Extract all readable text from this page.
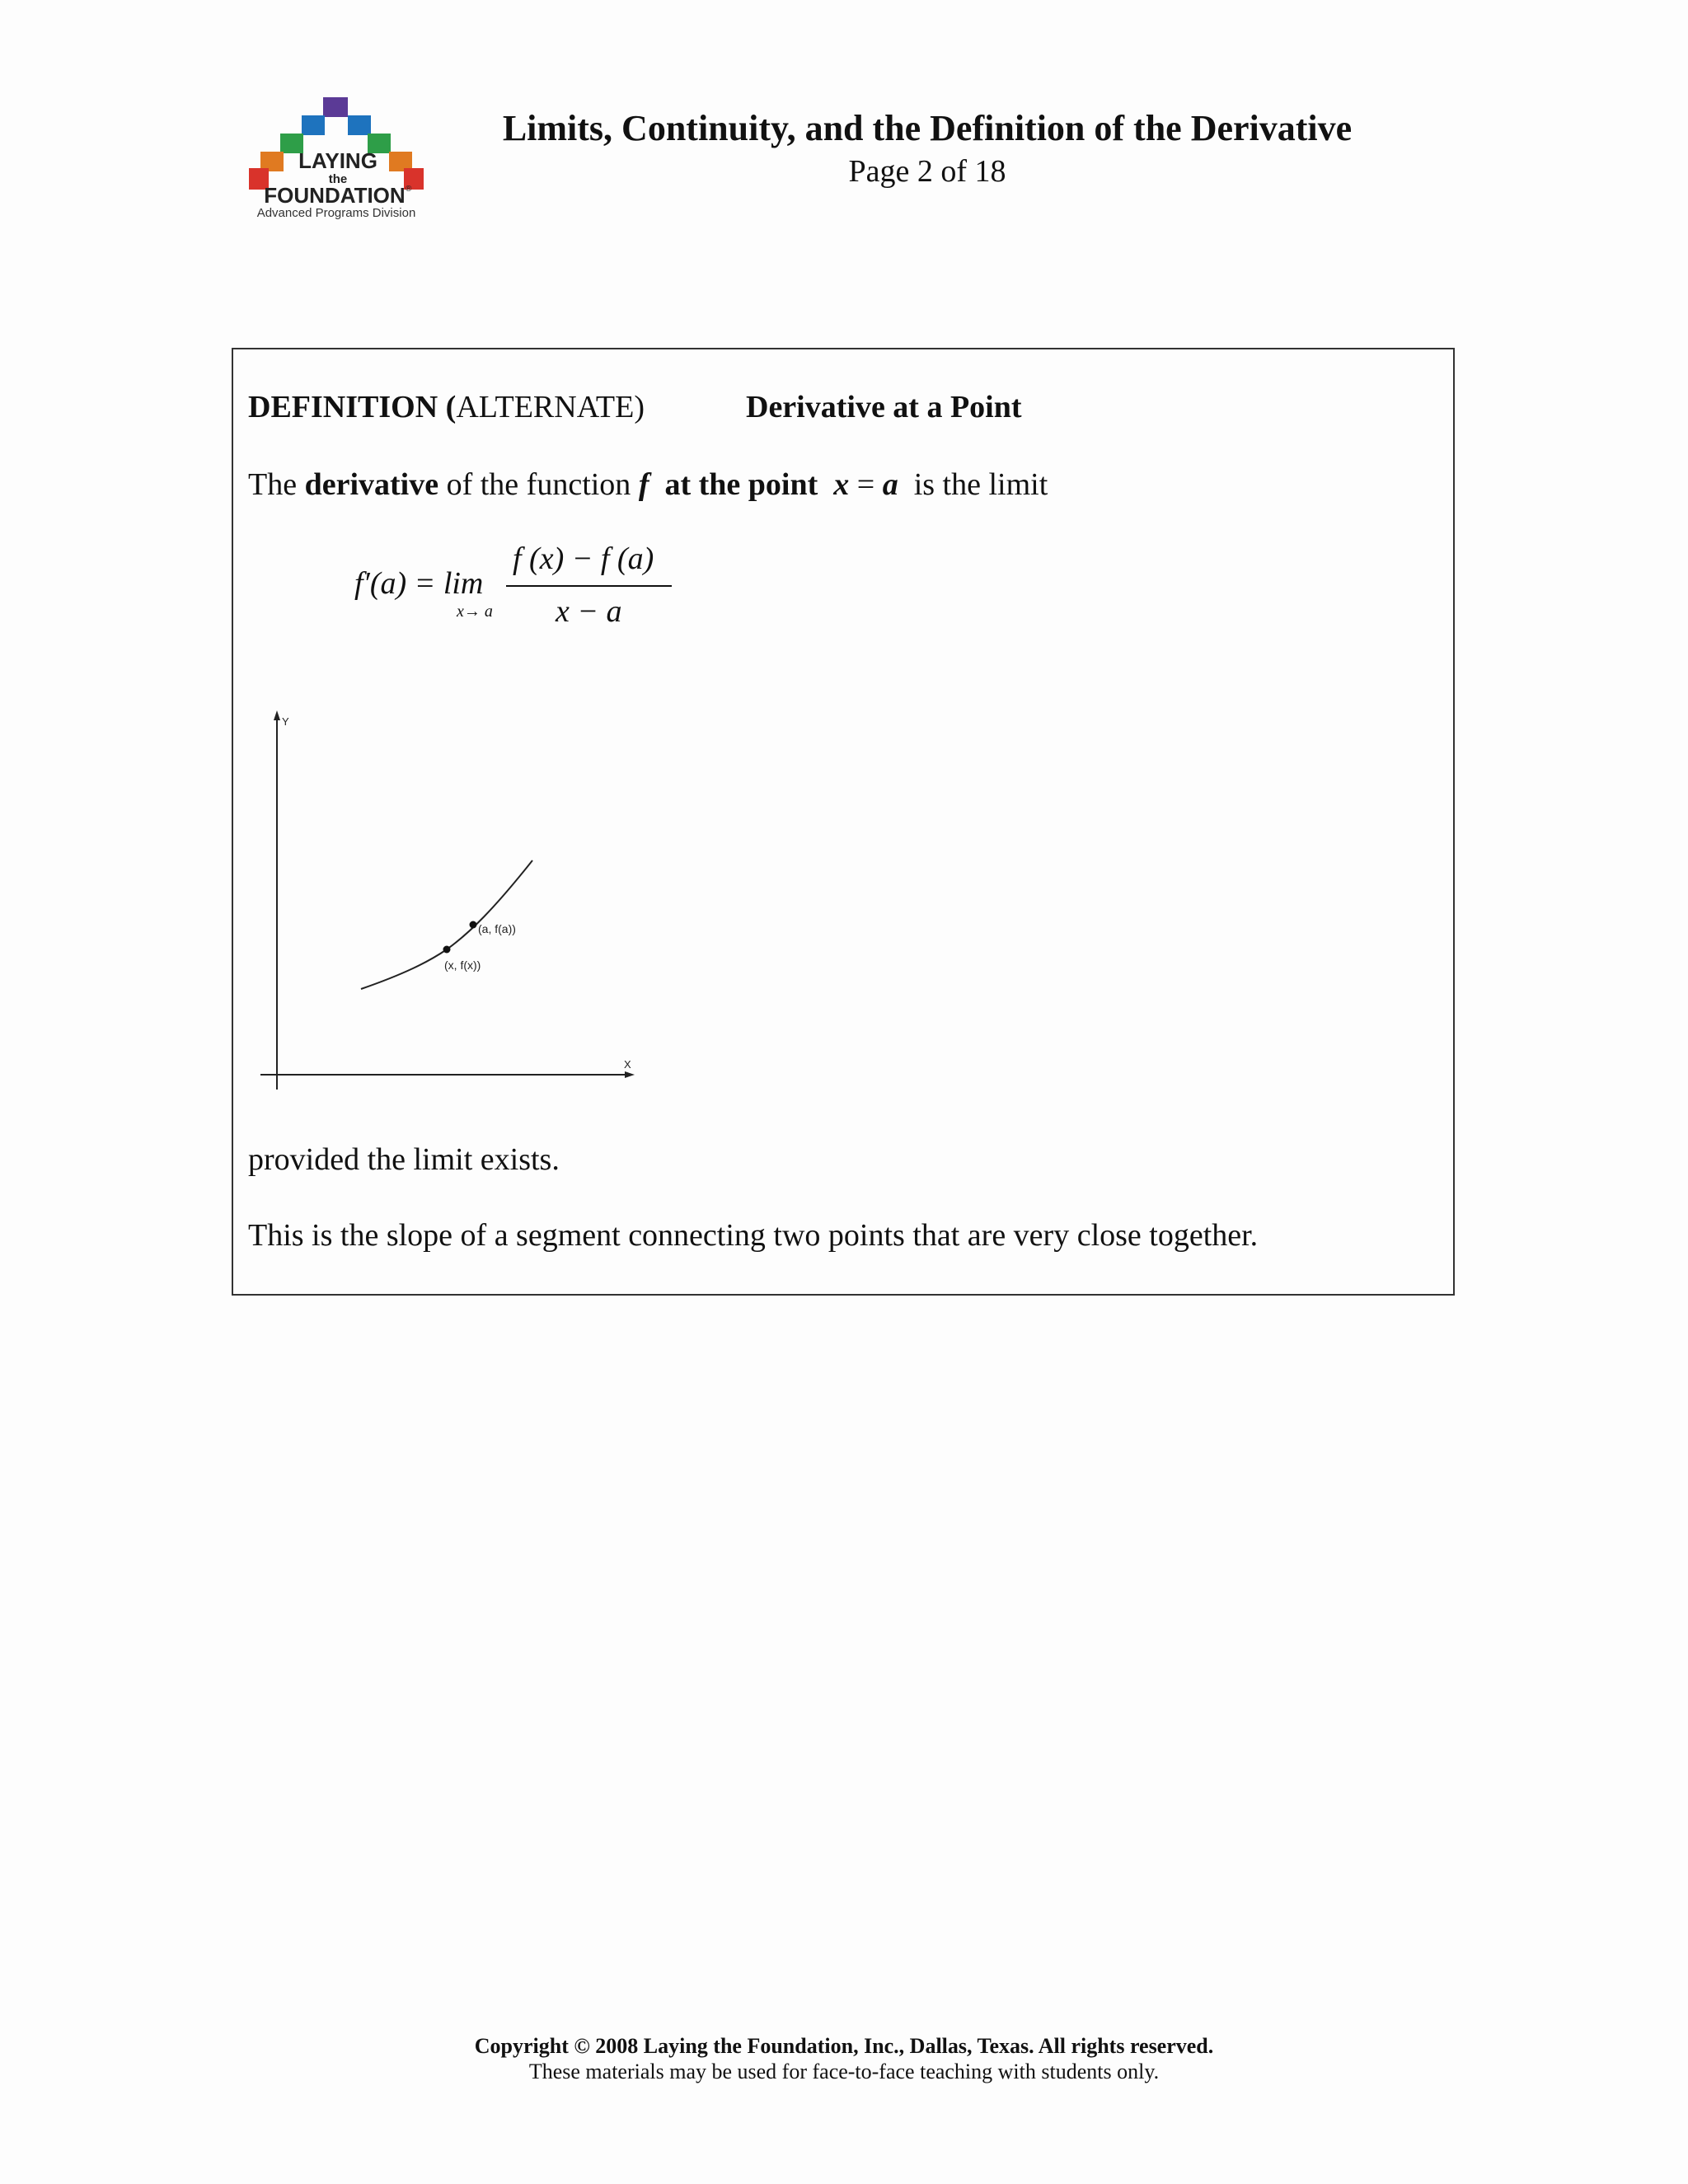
LAYING
the
FOUNDATION ®
Advanced Programs Division
Limits, Continuity, and the Definition of the Derivative
Page 2 of 18
DEFINITION (ALTERNATE)	Derivative at a Point
The derivative of the function f  at the point  x = a  is the limit
f′(a) = lim
x→ a
f (x) − f (a)
x − a
Y
X
(a, f(a))
(x, f(x))
provided the limit exists.
This is the slope of a segment connecting two points that are very close together.
Copyright © 2008 Laying the Foundation, Inc., Dallas, Texas. All rights reserved.
These materials may be used for face-to-face teaching with students only.
